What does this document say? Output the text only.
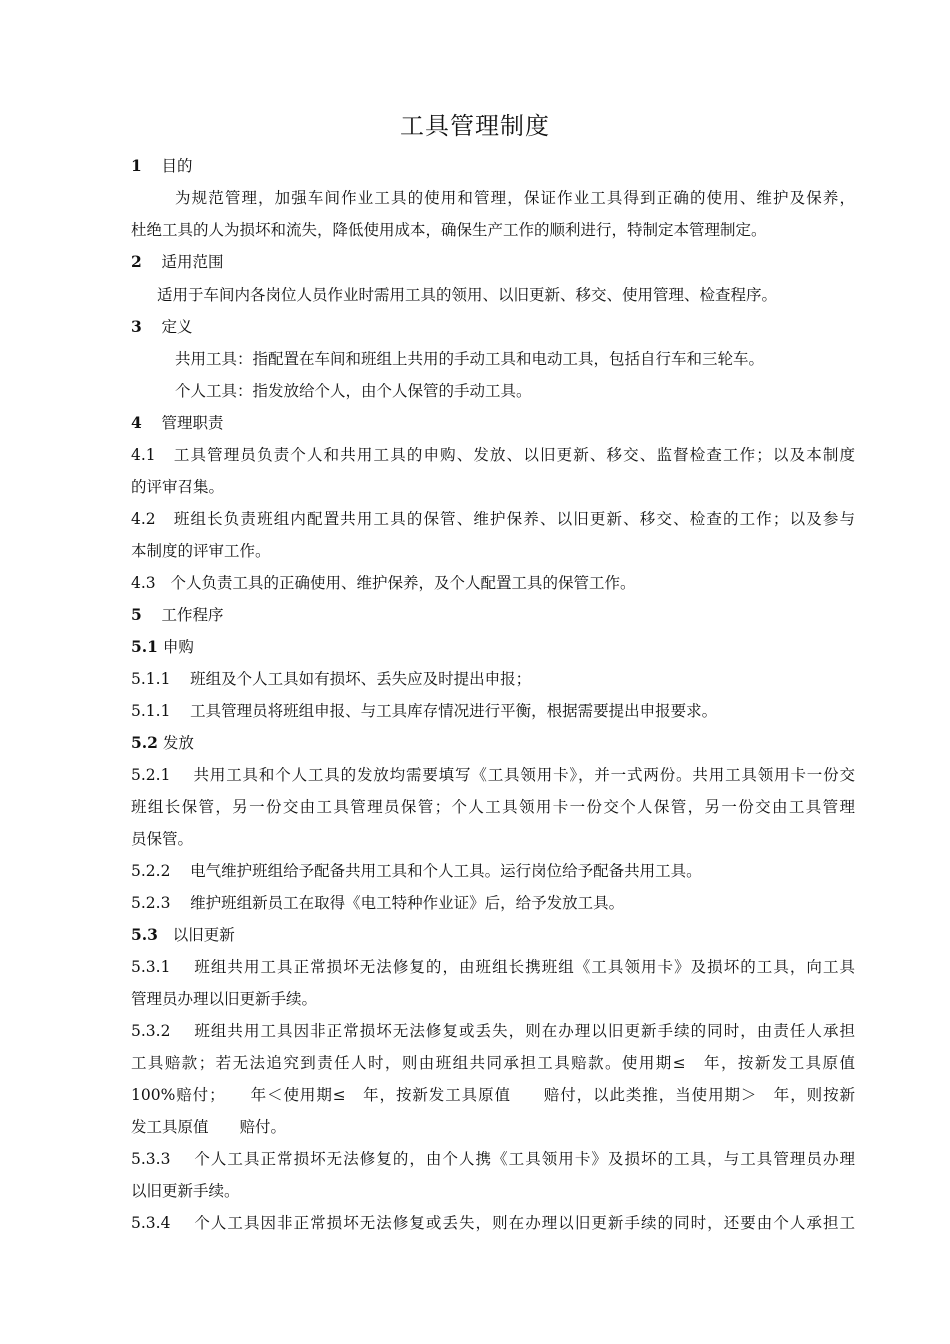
工具管理制度
1 目的
为规范管理，加强车间作业工具的使用和管理，保证作业工具得到正确的使用、维护及保养，
杜绝工具的人为损坏和流失，降低使用成本，确保生产工作的顺利进行，特制定本管理制定。
2 适用范围
适用于车间内各岗位人员作业时需用工具的领用、以旧更新、移交、使用管理、检查程序。
3 定义
共用工具：指配置在车间和班组上共用的手动工具和电动工具，包括自行车和三轮车。
个人工具：指发放给个人，由个人保管的手动工具。
4 管理职责
4.1 工具管理员负责个人和共用工具的申购、发放、以旧更新、移交、监督检查工作；以及本制度
的评审召集。
4.2 班组长负责班组内配置共用工具的保管、维护保养、以旧更新、移交、检查的工作；以及参与
本制度的评审工作。
4.3 个人负责工具的正确使用、维护保养，及个人配置工具的保管工作。
5 工作程序
5.1 申购
5.1.1 班组及个人工具如有损坏、丢失应及时提出申报；
5.1.1 工具管理员将班组申报、与工具库存情况进行平衡，根据需要提出申报要求。
5.2 发放
5.2.1 共用工具和个人工具的发放均需要填写《工具领用卡》，并一式两份。共用工具领用卡一份交
班组长保管，另一份交由工具管理员保管；个人工具领用卡一份交个人保管，另一份交由工具管理
员保管。
5.2.2 电气维护班组给予配备共用工具和个人工具。运行岗位给予配备共用工具。
5.2.3 维护班组新员工在取得《电工特种作业证》后，给予发放工具。
5.3 以旧更新
5.3.1 班组共用工具正常损坏无法修复的，由班组长携班组《工具领用卡》及损坏的工具，向工具
管理员办理以旧更新手续。
5.3.2 班组共用工具因非正常损坏无法修复或丢失，则在办理以旧更新手续的同时，由责任人承担
工具赔款；若无法追究到责任人时，则由班组共同承担工具赔款。使用期≤　年，按新发工具原值
100%赔付；　　年＜使用期≤　年，按新发工具原值　　赔付，以此类推，当使用期＞　年，则按新
发工具原值　　赔付。
5.3.3 个人工具正常损坏无法修复的，由个人携《工具领用卡》及损坏的工具，与工具管理员办理
以旧更新手续。
5.3.4 个人工具因非正常损坏无法修复或丢失，则在办理以旧更新手续的同时，还要由个人承担工
